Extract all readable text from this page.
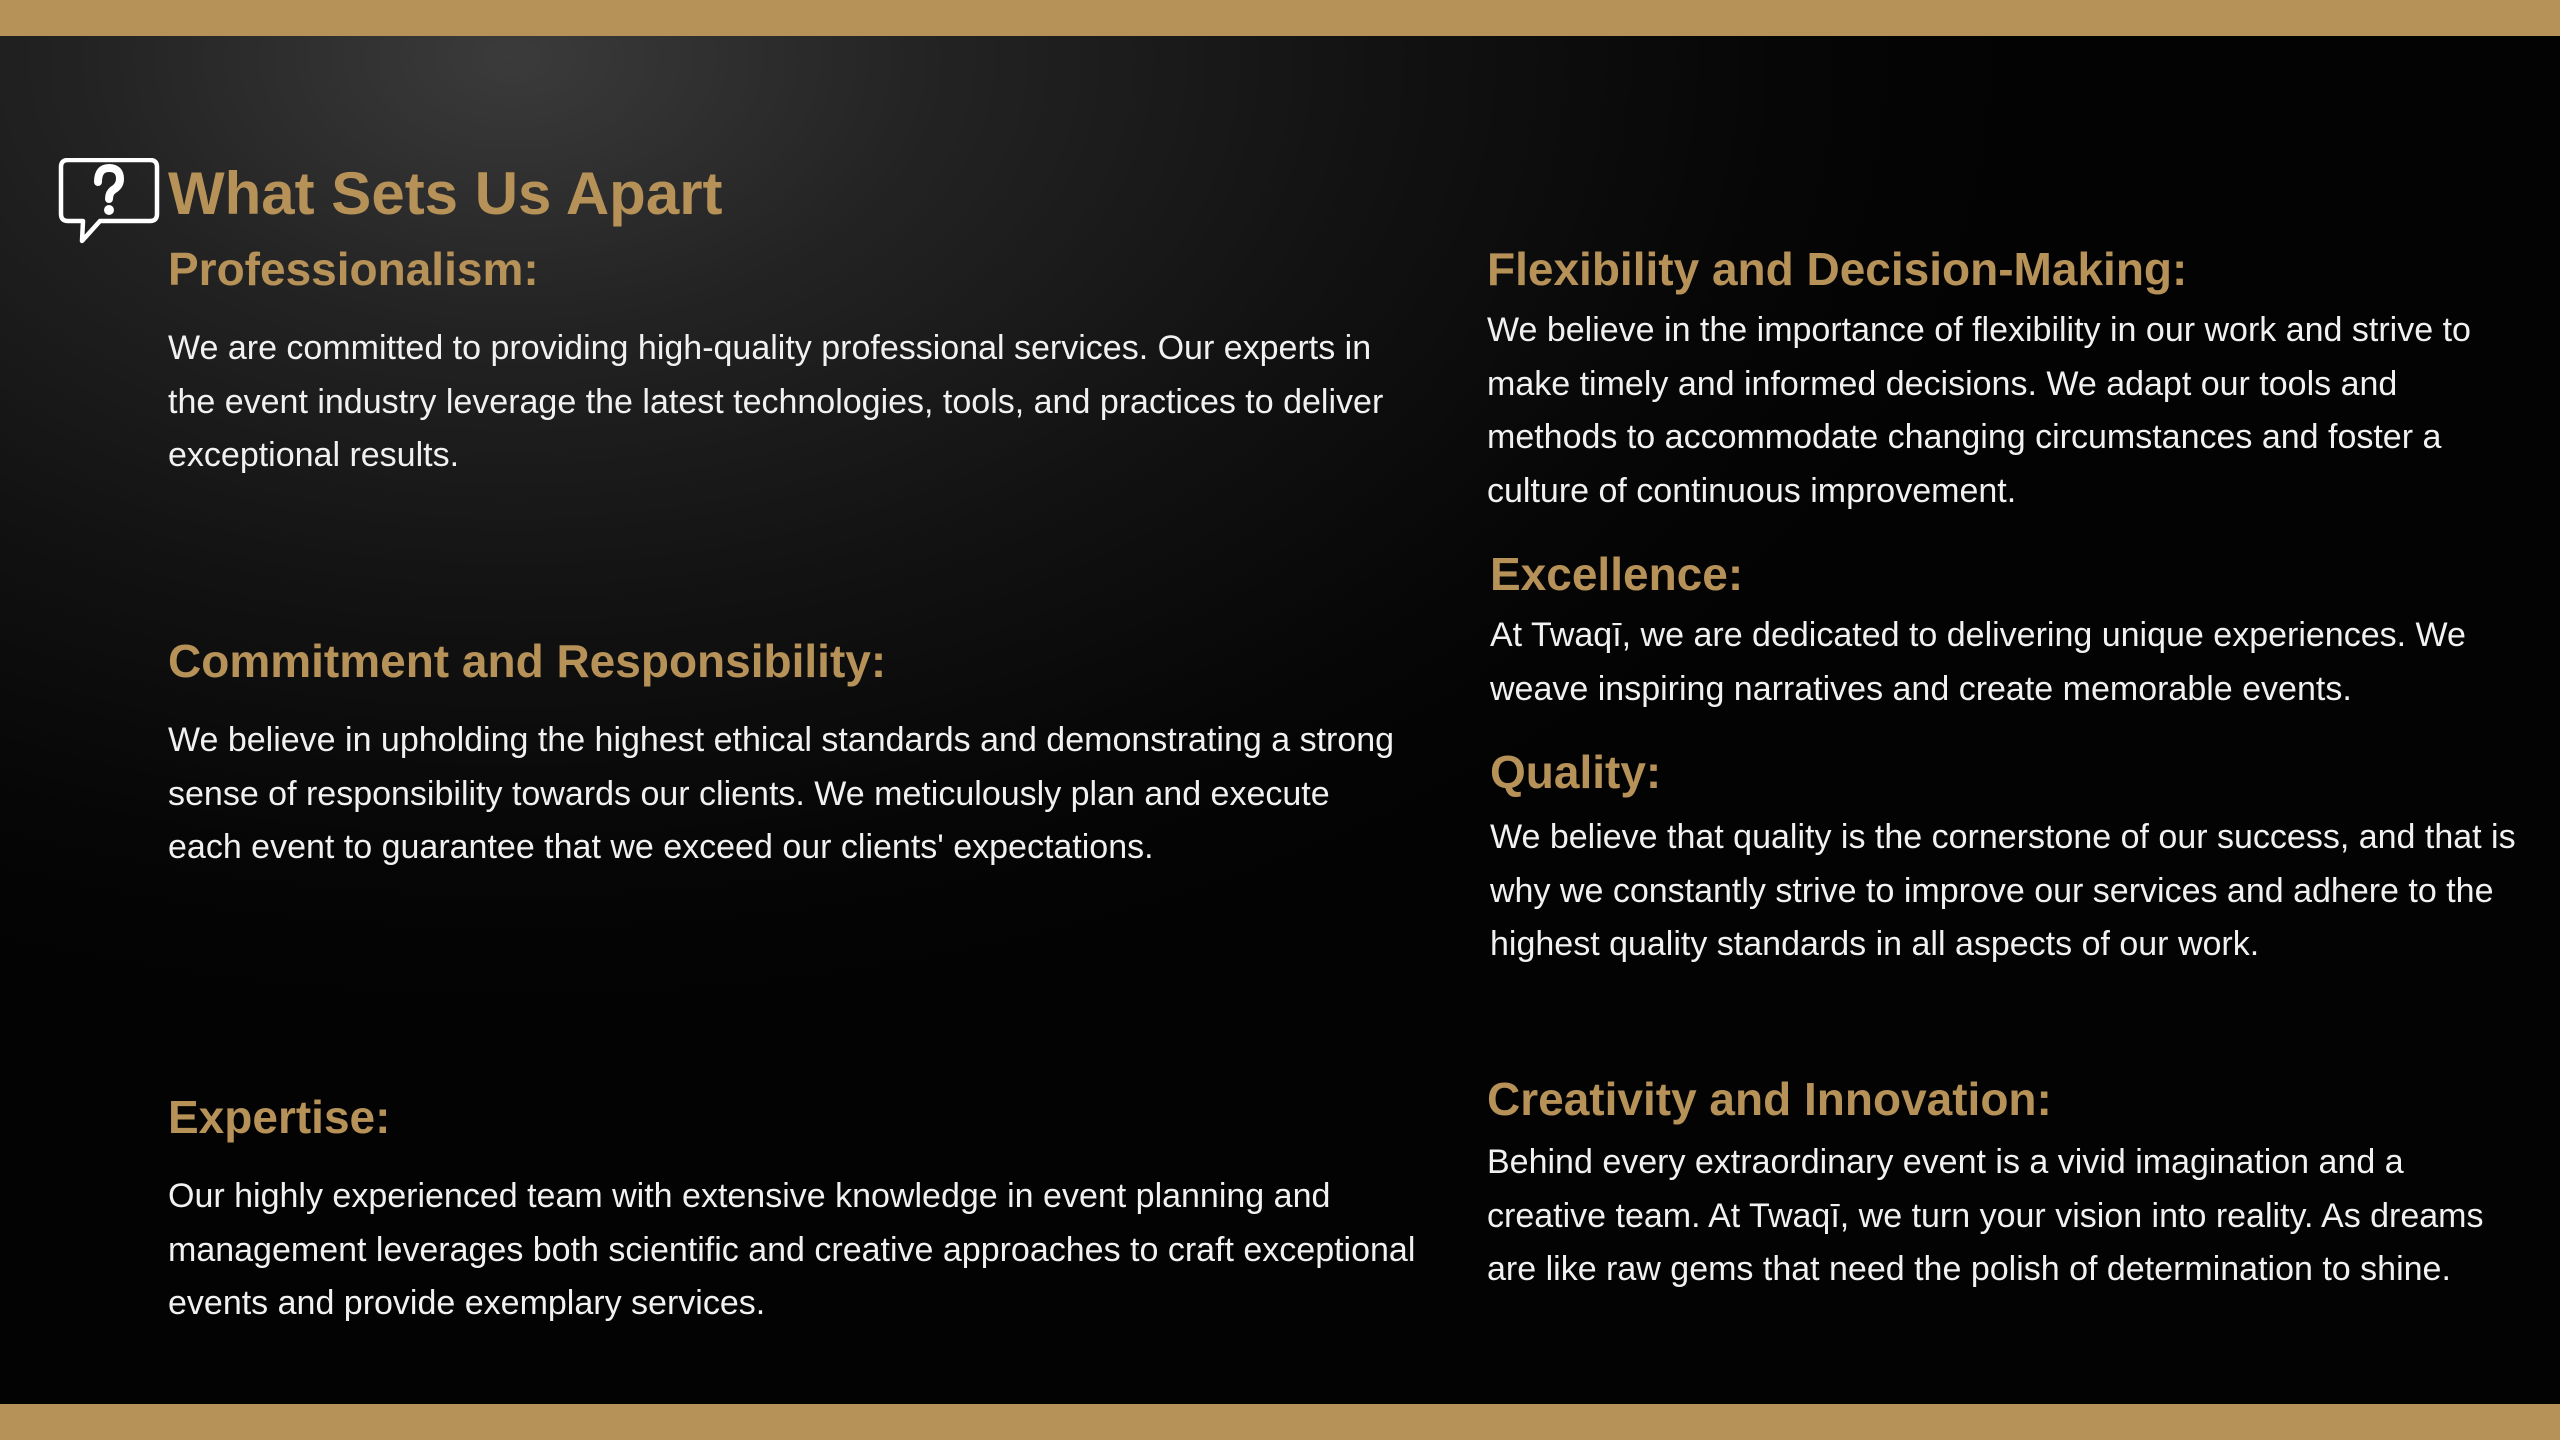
What Sets Us Apart
Professionalism:

We are committed to providing high-quality professional services. Our experts in the event industry leverage the latest technologies, tools, and practices to deliver exceptional results.

Commitment and Responsibility:

We believe in upholding the highest ethical standards and demonstrating a strong sense of responsibility towards our clients. We meticulously plan and execute each event to guarantee that we exceed our clients' expectations.

Expertise:

Our highly experienced team with extensive knowledge in event planning and management leverages both scientific and creative approaches to craft exceptional events and provide exemplary services.

Flexibility and Decision-Making:

We believe in the importance of flexibility in our work and strive to make timely and informed decisions. We adapt our tools and methods to accommodate changing circumstances and foster a culture of continuous improvement.

Excellence:

At Twaqī, we are dedicated to delivering unique experiences. We weave inspiring narratives and create memorable events.

Quality:

We believe that quality is the cornerstone of our success, and that is why we constantly strive to improve our services and adhere to the highest quality standards in all aspects of our work.

Creativity and Innovation:

Behind every extraordinary event is a vivid imagination and a creative team. At Twaqī, we turn your vision into reality. As dreams are like raw gems that need the polish of determination to shine.
